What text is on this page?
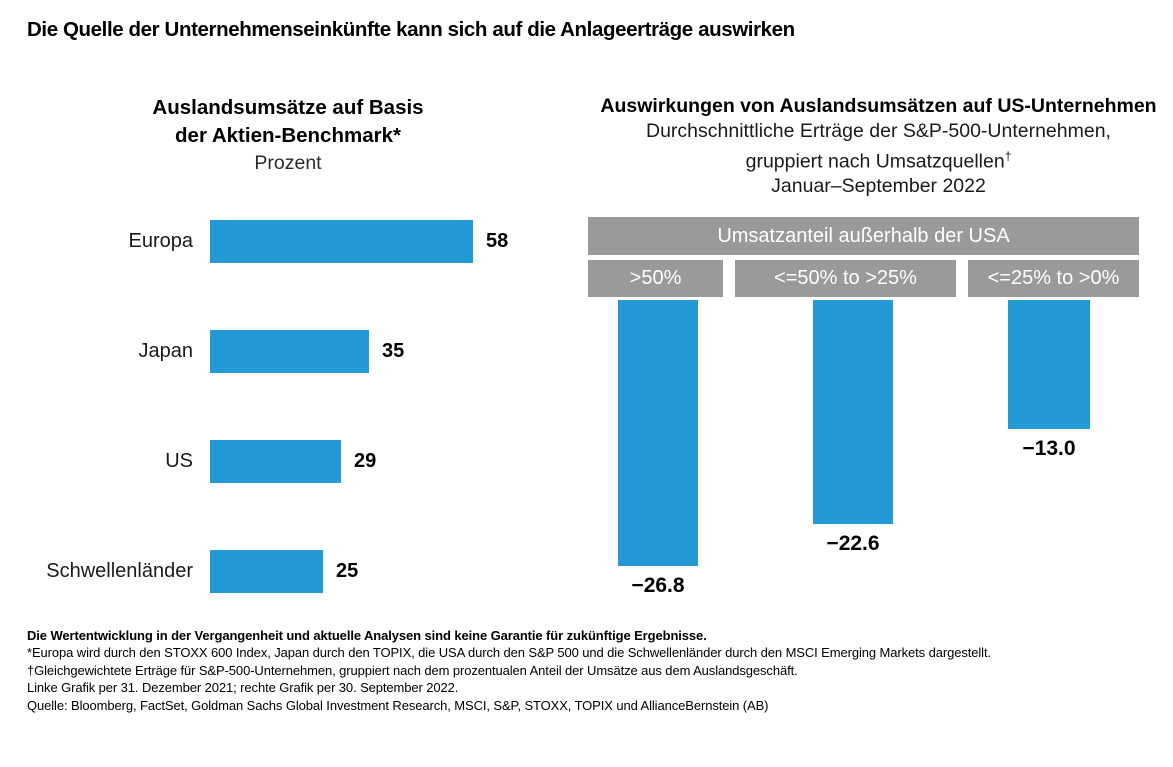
Die Quelle der Unternehmenseinkünfte kann sich auf die Anlageerträge auswirken
Auslandsumsätze auf Basis
der Aktien-Benchmark*
Prozent
Europa	58
Japan	35
US	29
Schwellenländer	25
Auswirkungen von Auslandsumsätzen auf US-Unternehmen
Durchschnittliche Erträge der S&P-500-Unternehmen,
gruppiert nach Umsatzquellen†
Januar–September 2022
Umsatzanteil außerhalb der USA
>50%
−26.8
<=50% to >25%
−22.6
<=25% to >0%
−13.0
Die Wertentwicklung in der Vergangenheit und aktuelle Analysen sind keine Garantie für zukünftige Ergebnisse.
*Europa wird durch den STOXX 600 Index, Japan durch den TOPIX, die USA durch den S&P 500 und die Schwellenländer durch den MSCI Emerging Markets dargestellt.
†Gleichgewichtete Erträge für S&P-500-Unternehmen, gruppiert nach dem prozentualen Anteil der Umsätze aus dem Auslandsgeschäft.
Linke Grafik per 31. Dezember 2021; rechte Grafik per 30. September 2022.
Quelle: Bloomberg, FactSet, Goldman Sachs Global Investment Research, MSCI, S&P, STOXX, TOPIX und AllianceBernstein (AB)
